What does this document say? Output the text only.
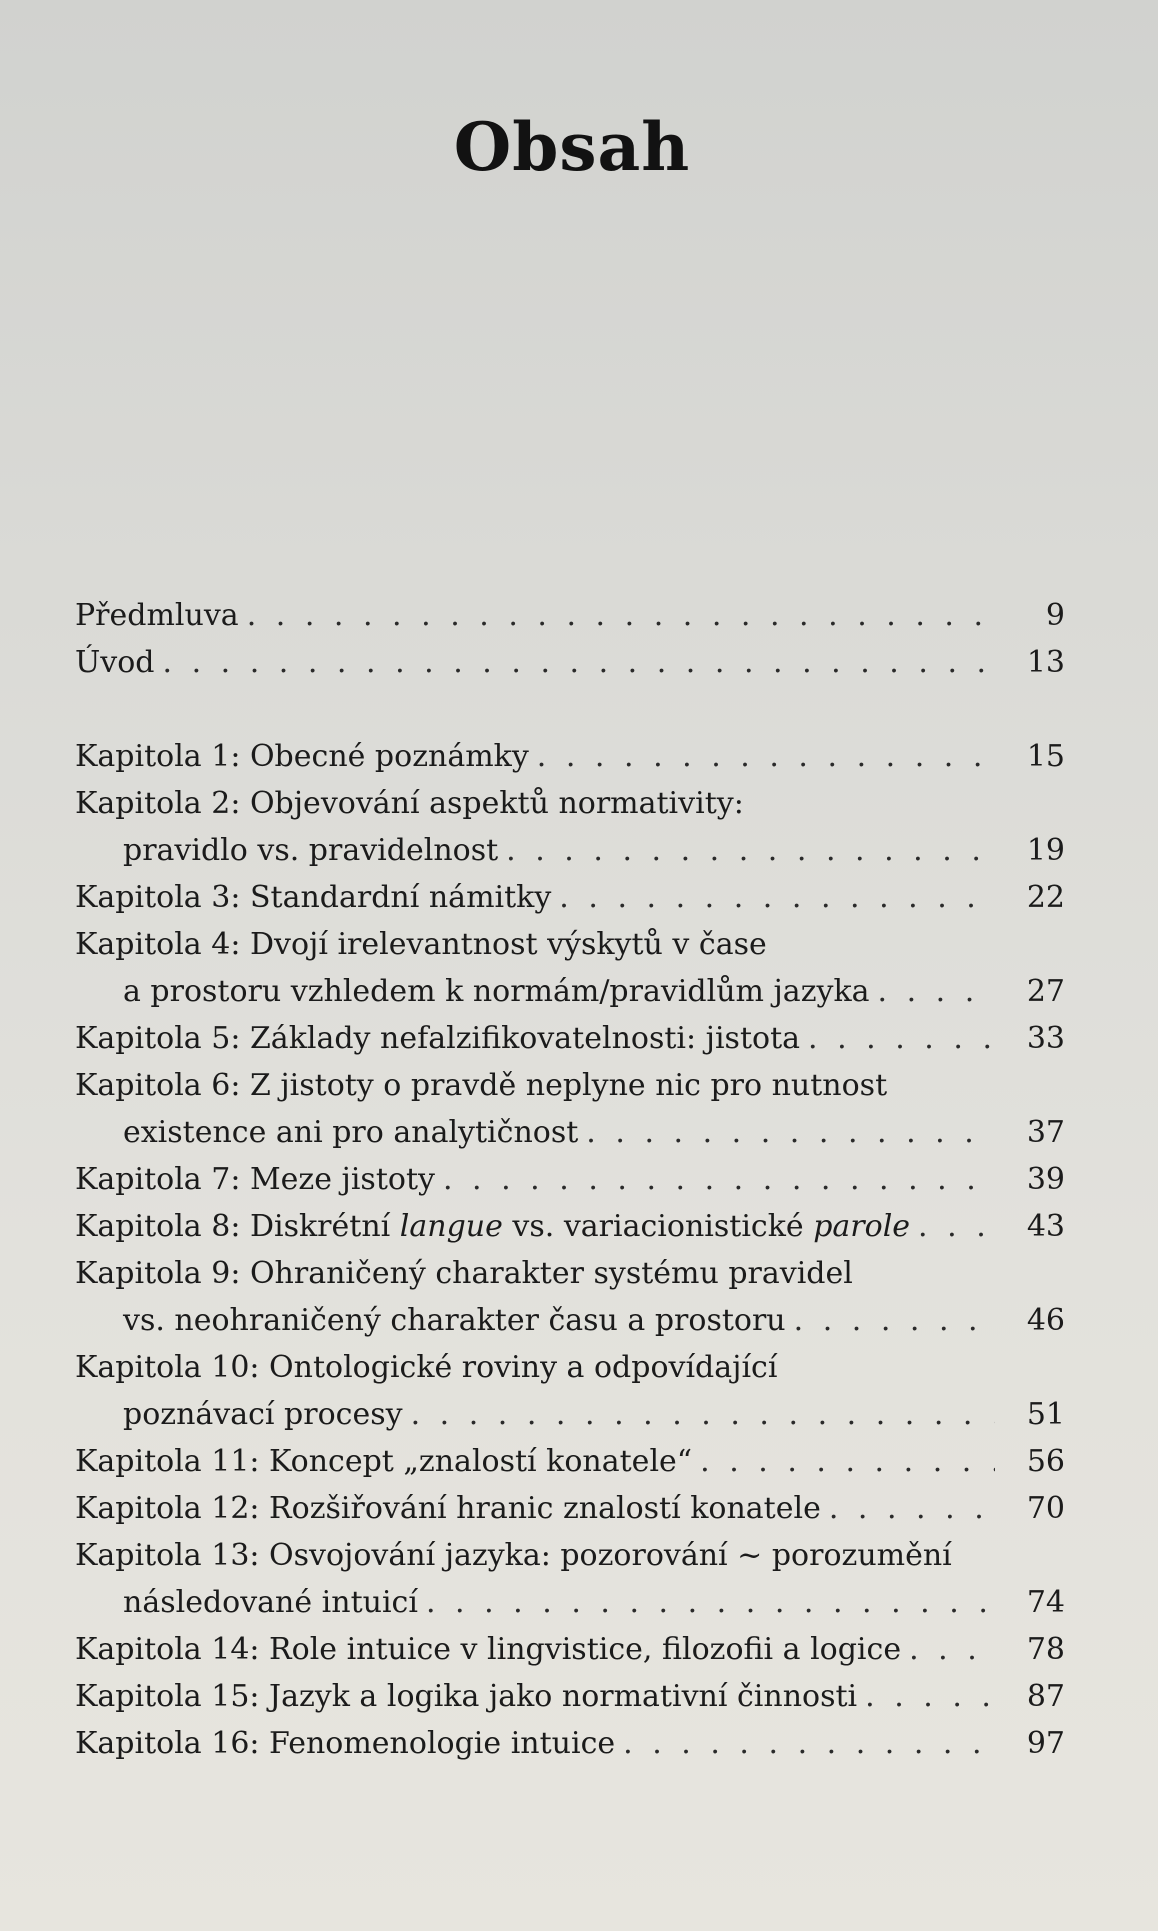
Obsah
Předmluva . . .	9
Úvod . . .	13
Kapitola 1: Obecné poznámky . . .	15
Kapitola 2: Objevování aspektů normativity:
pravidlo vs. pravidelnost . . .	19
Kapitola 3: Standardní námitky . . .	22
Kapitola 4: Dvojí irelevantnost výskytů v čase
a prostoru vzhledem k normám/pravidlům jazyka . . .	27
Kapitola 5: Základy nefalzifikovatelnosti: jistota . . .	33
Kapitola 6: Z jistoty o pravdě neplyne nic pro nutnost
existence ani pro analytičnost . . .	37
Kapitola 7: Meze jistoty . . .	39
Kapitola 8: Diskrétní langue vs. variacionistické parole . . .	43
Kapitola 9: Ohraničený charakter systému pravidel
vs. neohraničený charakter času a prostoru . . .	46
Kapitola 10: Ontologické roviny a odpovídající
poznávací procesy . . .	51
Kapitola 11: Koncept „znalostí konatele“ . . .	56
Kapitola 12: Rozšiřování hranic znalostí konatele . . .	70
Kapitola 13: Osvojování jazyka: pozorování ~ porozumění
následované intuicí . . .	74
Kapitola 14: Role intuice v lingvistice, filozofii a logice . . .	78
Kapitola 15: Jazyk a logika jako normativní činnosti . . .	87
Kapitola 16: Fenomenologie intuice . . .	97
